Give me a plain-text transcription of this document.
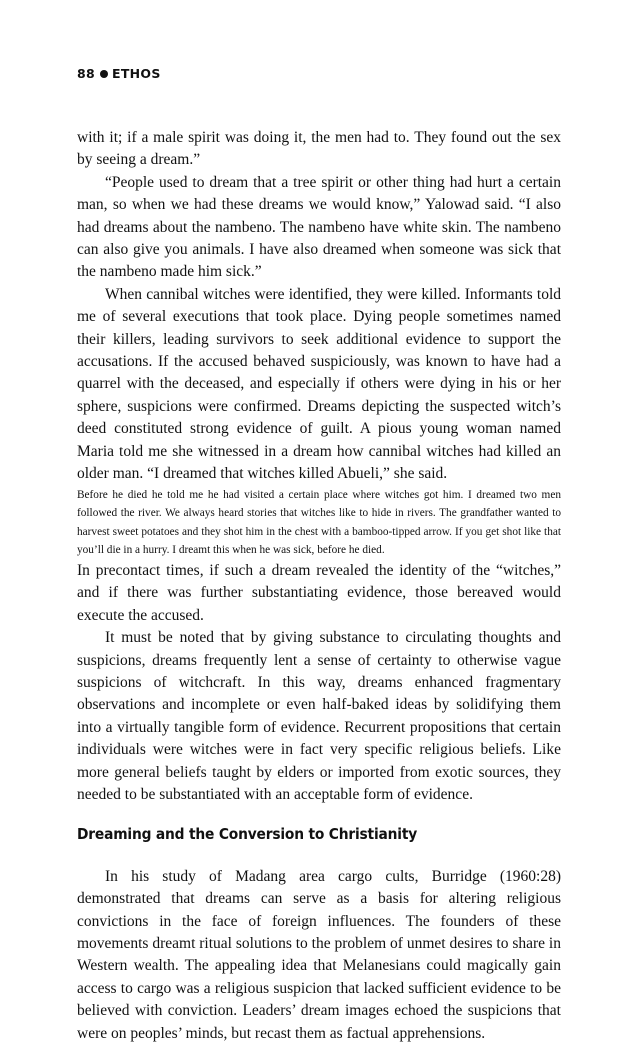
88 ETHOS

with it; if a male spirit was doing it, the men had to. They found out the sex by seeing a dream.”

“People used to dream that a tree spirit or other thing had hurt a certain man, so when we had these dreams we would know,” Yalowad said. “I also had dreams about the nambeno. The nambeno have white skin. The nambeno can also give you animals. I have also dreamed when someone was sick that the nambeno made him sick.”

When cannibal witches were identified, they were killed. Informants told me of several executions that took place. Dying people sometimes named their killers, leading survivors to seek additional evidence to support the accusations. If the accused behaved suspiciously, was known to have had a quarrel with the deceased, and especially if others were dying in his or her sphere, suspicions were confirmed. Dreams depicting the suspected witch’s deed constituted strong evidence of guilt. A pious young woman named Maria told me she witnessed in a dream how cannibal witches had killed an older man. “I dreamed that witches killed Abueli,” she said.

Before he died he told me he had visited a certain place where witches got him. I dreamed two men followed the river. We always heard stories that witches like to hide in rivers. The grandfather wanted to harvest sweet potatoes and they shot him in the chest with a bamboo-tipped arrow. If you get shot like that you’ll die in a hurry. I dreamt this when he was sick, before he died.

In precontact times, if such a dream revealed the identity of the “witches,” and if there was further substantiating evidence, those bereaved would execute the accused.

It must be noted that by giving substance to circulating thoughts and suspicions, dreams frequently lent a sense of certainty to otherwise vague suspicions of witchcraft. In this way, dreams enhanced fragmentary observations and incomplete or even half-baked ideas by solidifying them into a virtually tangible form of evidence. Recurrent propositions that certain individuals were witches were in fact very specific religious beliefs. Like more general beliefs taught by elders or imported from exotic sources, they needed to be substantiated with an acceptable form of evidence.

Dreaming and the Conversion to Christianity

In his study of Madang area cargo cults, Burridge (1960:28) demonstrated that dreams can serve as a basis for altering religious convictions in the face of foreign influences. The founders of these movements dreamt ritual solutions to the problem of unmet desires to share in Western wealth. The appealing idea that Melanesians could magically gain access to cargo was a religious suspicion that lacked sufficient evidence to be believed with conviction. Leaders’ dream images echoed the suspicions that were on peoples’ minds, but recast them as factual apprehensions.
